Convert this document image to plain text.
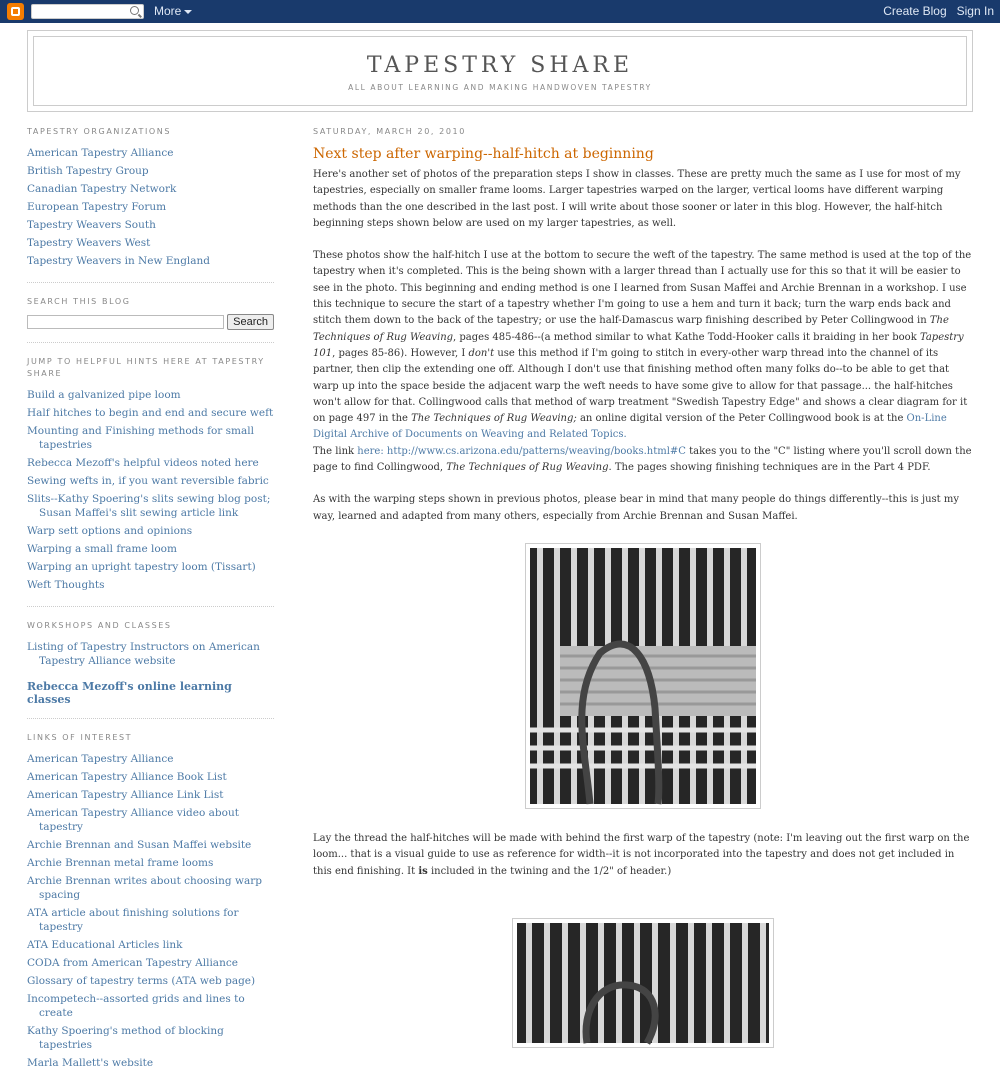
More	Create Blog Sign In
TAPESTRY SHARE
ALL ABOUT LEARNING AND MAKING HANDWOVEN TAPESTRY
TAPESTRY ORGANIZATIONS
American Tapestry Alliance
British Tapestry Group
Canadian Tapestry Network
European Tapestry Forum
Tapestry Weavers South
Tapestry Weavers West
Tapestry Weavers in New England
SEARCH THIS BLOG
Search
JUMP TO HELPFUL HINTS HERE AT TAPESTRY SHARE
Build a galvanized pipe loom
Half hitches to begin and end and secure weft
Mounting and Finishing methods for small tapestries
Rebecca Mezoff's helpful videos noted here
Sewing wefts in, if you want reversible fabric
Slits--Kathy Spoering's slits sewing blog post; Susan Maffei's slit sewing article link
Warp sett options and opinions
Warping a small frame loom
Warping an upright tapestry loom (Tissart)
Weft Thoughts
WORKSHOPS AND CLASSES
Listing of Tapestry Instructors on American Tapestry Alliance website
Rebecca Mezoff's online learning classes
LINKS OF INTEREST
American Tapestry Alliance
American Tapestry Alliance Book List
American Tapestry Alliance Link List
American Tapestry Alliance video about tapestry
Archie Brennan and Susan Maffei website
Archie Brennan metal frame looms
Archie Brennan writes about choosing warp spacing
ATA article about finishing solutions for tapestry
ATA Educational Articles link
CODA from American Tapestry Alliance
Glossary of tapestry terms (ATA web page)
Incompetech--assorted grids and lines to create
Kathy Spoering's method of blocking tapestries
Marla Mallett's website
SATURDAY, MARCH 20, 2010
Next step after warping--half-hitch at beginning

Here's another set of photos of the preparation steps I show in classes. These are pretty much the same as I use for most of my tapestries, especially on smaller frame looms. Larger tapestries warped on the larger, vertical looms have different warping methods than the one described in the last post. I will write about those sooner or later in this blog. However, the half-hitch beginning steps shown below are used on my larger tapestries, as well.

These photos show the half-hitch I use at the bottom to secure the weft of the tapestry. The same method is used at the top of the tapestry when it's completed. This is the being shown with a larger thread than I actually use for this so that it will be easier to see in the photo. This beginning and ending method is one I learned from Susan Maffei and Archie Brennan in a workshop. I use this technique to secure the start of a tapestry whether I'm going to use a hem and turn it back; turn the warp ends back and stitch them down to the back of the tapestry; or use the half-Damascus warp finishing described by Peter Collingwood in The Techniques of Rug Weaving, pages 485-486--(a method similar to what Kathe Todd-Hooker calls it braiding in her book Tapestry 101, pages 85-86). However, I don't use this method if I'm going to stitch in every-other warp thread into the channel of its partner, then clip the extending one off. Although I don't use that finishing method often many folks do--to be able to get that warp up into the space beside the adjacent warp the weft needs to have some give to allow for that passage... the half-hitches won't allow for that. Collingwood calls that method of warp treatment "Swedish Tapestry Edge" and shows a clear diagram for it on page 497 in the The Techniques of Rug Weaving; an online digital version of the Peter Collingwood book is at the On-Line Digital Archive of Documents on Weaving and Related Topics.

The link here: http://www.cs.arizona.edu/patterns/weaving/books.html#C takes you to the "C" listing where you'll scroll down the page to find Collingwood, The Techniques of Rug Weaving. The pages showing finishing techniques are in the Part 4 PDF.

As with the warping steps shown in previous photos, please bear in mind that many people do things differently--this is just my way, learned and adapted from many others, especially from Archie Brennan and Susan Maffei.

Lay the thread the half-hitches will be made with behind the first warp of the tapestry (note: I'm leaving out the first warp on the loom... that is a visual guide to use as reference for width--it is not incorporated into the tapestry and does not get included in this end finishing. It is included in the twining and the 1/2" of header.)
